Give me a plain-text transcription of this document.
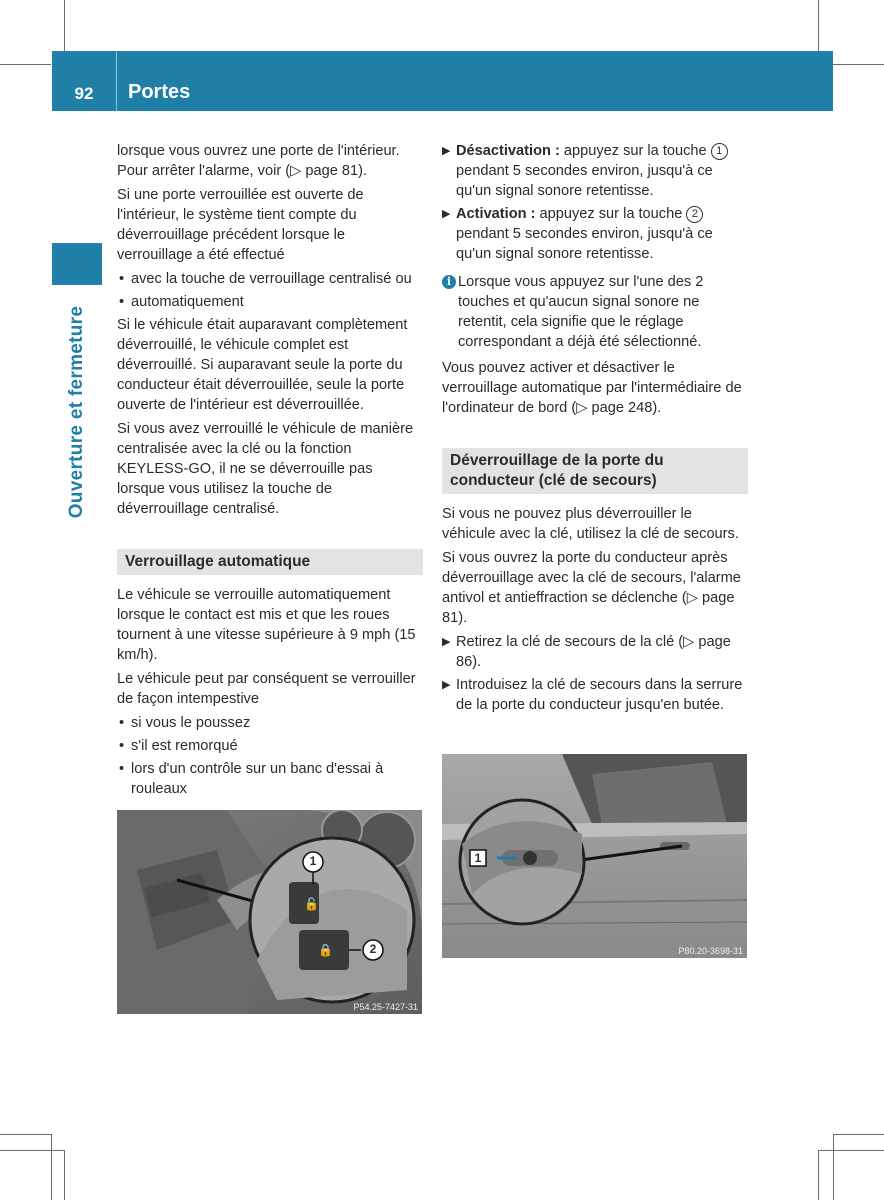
92	Portes
Ouverture et fermeture

lorsque vous ouvrez une porte de l'intérieur. Pour arrêter l'alarme, voir (▷ page 81).

Si une porte verrouillée est ouverte de l'intérieur, le système tient compte du déverrouillage précédent lorsque le verrouillage a été effectué

• avec la touche de verrouillage centralisé ou
• automatiquement

Si le véhicule était auparavant complètement déverrouillé, le véhicule complet est déverrouillé. Si auparavant seule la porte du conducteur était déverrouillée, seule la porte ouverte de l'intérieur est déverrouillée.

Si vous avez verrouillé le véhicule de manière centralisée avec la clé ou la fonction KEYLESS-GO, il ne se déverrouille pas lorsque vous utilisez la touche de déverrouillage centralisé.

Verrouillage automatique

Le véhicule se verrouille automatiquement lorsque le contact est mis et que les roues tournent à une vitesse supérieure à 9 mph (15 km/h).

Le véhicule peut par conséquent se verrouiller de façon intempestive

• si vous le poussez
• s'il est remorqué
• lors d'un contrôle sur un banc d'essai à rouleaux
🔓
🔒
1
2
P54.25-7427-31
▶ Désactivation : appuyez sur la touche 1 pendant 5 secondes environ, jusqu'à ce qu'un signal sonore retentisse.
▶ Activation : appuyez sur la touche 2 pendant 5 secondes environ, jusqu'à ce qu'un signal sonore retentisse.
i Lorsque vous appuyez sur l'une des 2 touches et qu'aucun signal sonore ne retentit, cela signifie que le réglage correspondant a déjà été sélectionné.

Vous pouvez activer et désactiver le verrouillage automatique par l'intermédiaire de l'ordinateur de bord (▷ page 248).

Déverrouillage de la porte du conducteur (clé de secours)

Si vous ne pouvez plus déverrouiller le véhicule avec la clé, utilisez la clé de secours.

Si vous ouvrez la porte du conducteur après déverrouillage avec la clé de secours, l'alarme antivol et antieffraction se déclenche (▷ page 81).

▶ Retirez la clé de secours de la clé (▷ page 86).
▶ Introduisez la clé de secours dans la serrure de la porte du conducteur jusqu'en butée.
1
P80.20-3698-31
